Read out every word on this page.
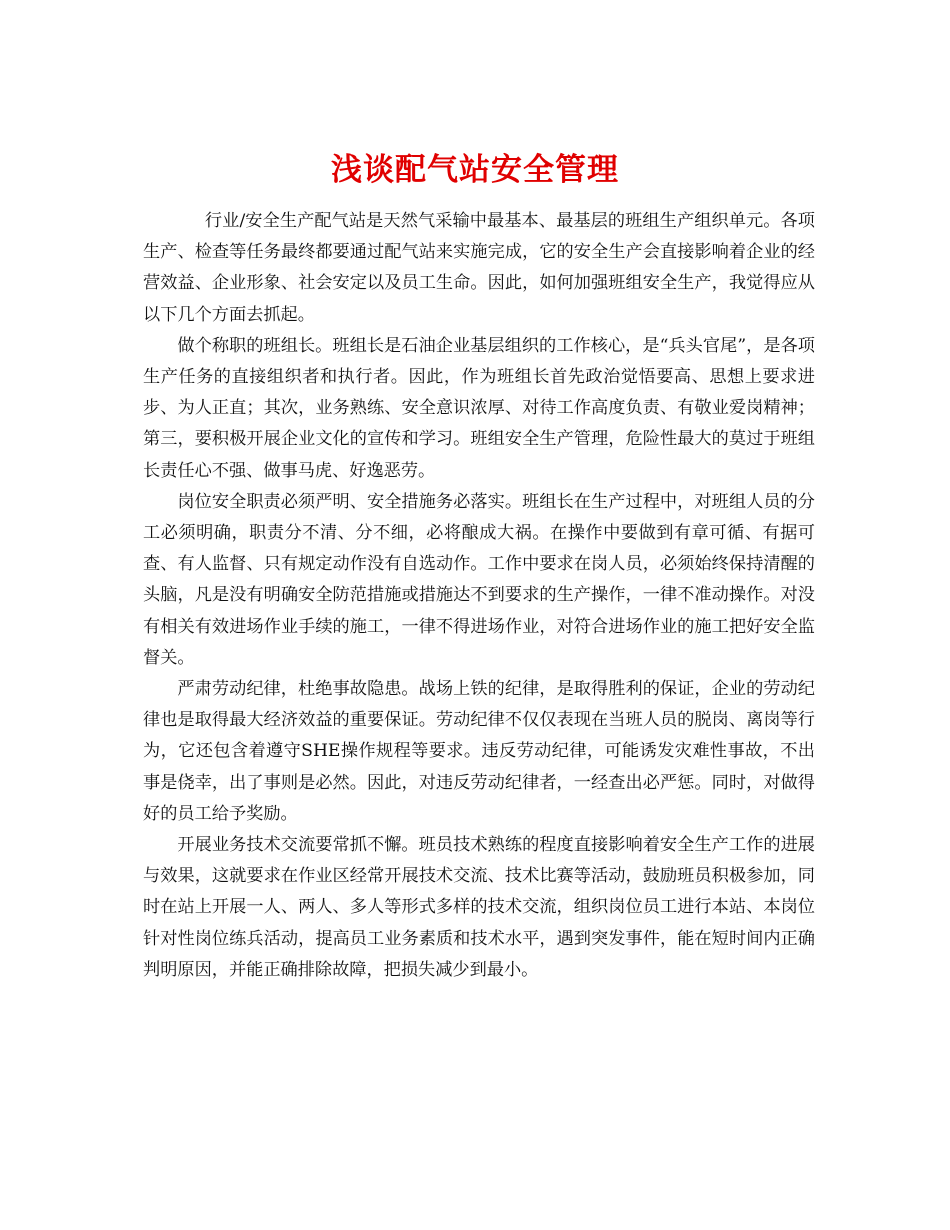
浅谈配气站安全管理

行业/安全生产配气站是天然气采输中最基本、最基层的班组生产组织单元。各项生产、检查等任务最终都要通过配气站来实施完成，它的安全生产会直接影响着企业的经营效益、企业形象、社会安定以及员工生命。因此，如何加强班组安全生产，我觉得应从以下几个方面去抓起。

做个称职的班组长。班组长是石油企业基层组织的工作核心，是“兵头官尾”，是各项生产任务的直接组织者和执行者。因此，作为班组长首先政治觉悟要高、思想上要求进步、为人正直；其次，业务熟练、安全意识浓厚、对待工作高度负责、有敬业爱岗精神；第三，要积极开展企业文化的宣传和学习。班组安全生产管理，危险性最大的莫过于班组长责任心不强、做事马虎、好逸恶劳。

岗位安全职责必须严明、安全措施务必落实。班组长在生产过程中，对班组人员的分工必须明确，职责分不清、分不细，必将酿成大祸。在操作中要做到有章可循、有据可查、有人监督、只有规定动作没有自选动作。工作中要求在岗人员，必须始终保持清醒的头脑，凡是没有明确安全防范措施或措施达不到要求的生产操作，一律不准动操作。对没有相关有效进场作业手续的施工，一律不得进场作业，对符合进场作业的施工把好安全监督关。

严肃劳动纪律，杜绝事故隐患。战场上铁的纪律，是取得胜利的保证，企业的劳动纪律也是取得最大经济效益的重要保证。劳动纪律不仅仅表现在当班人员的脱岗、离岗等行为，它还包含着遵守SHE操作规程等要求。违反劳动纪律，可能诱发灾难性事故，不出事是侥幸，出了事则是必然。因此，对违反劳动纪律者，一经查出必严惩。同时，对做得好的员工给予奖励。

开展业务技术交流要常抓不懈。班员技术熟练的程度直接影响着安全生产工作的进展与效果，这就要求在作业区经常开展技术交流、技术比赛等活动，鼓励班员积极参加，同时在站上开展一人、两人、多人等形式多样的技术交流，组织岗位员工进行本站、本岗位针对性岗位练兵活动，提高员工业务素质和技术水平，遇到突发事件，能在短时间内正确判明原因，并能正确排除故障，把损失减少到最小。
